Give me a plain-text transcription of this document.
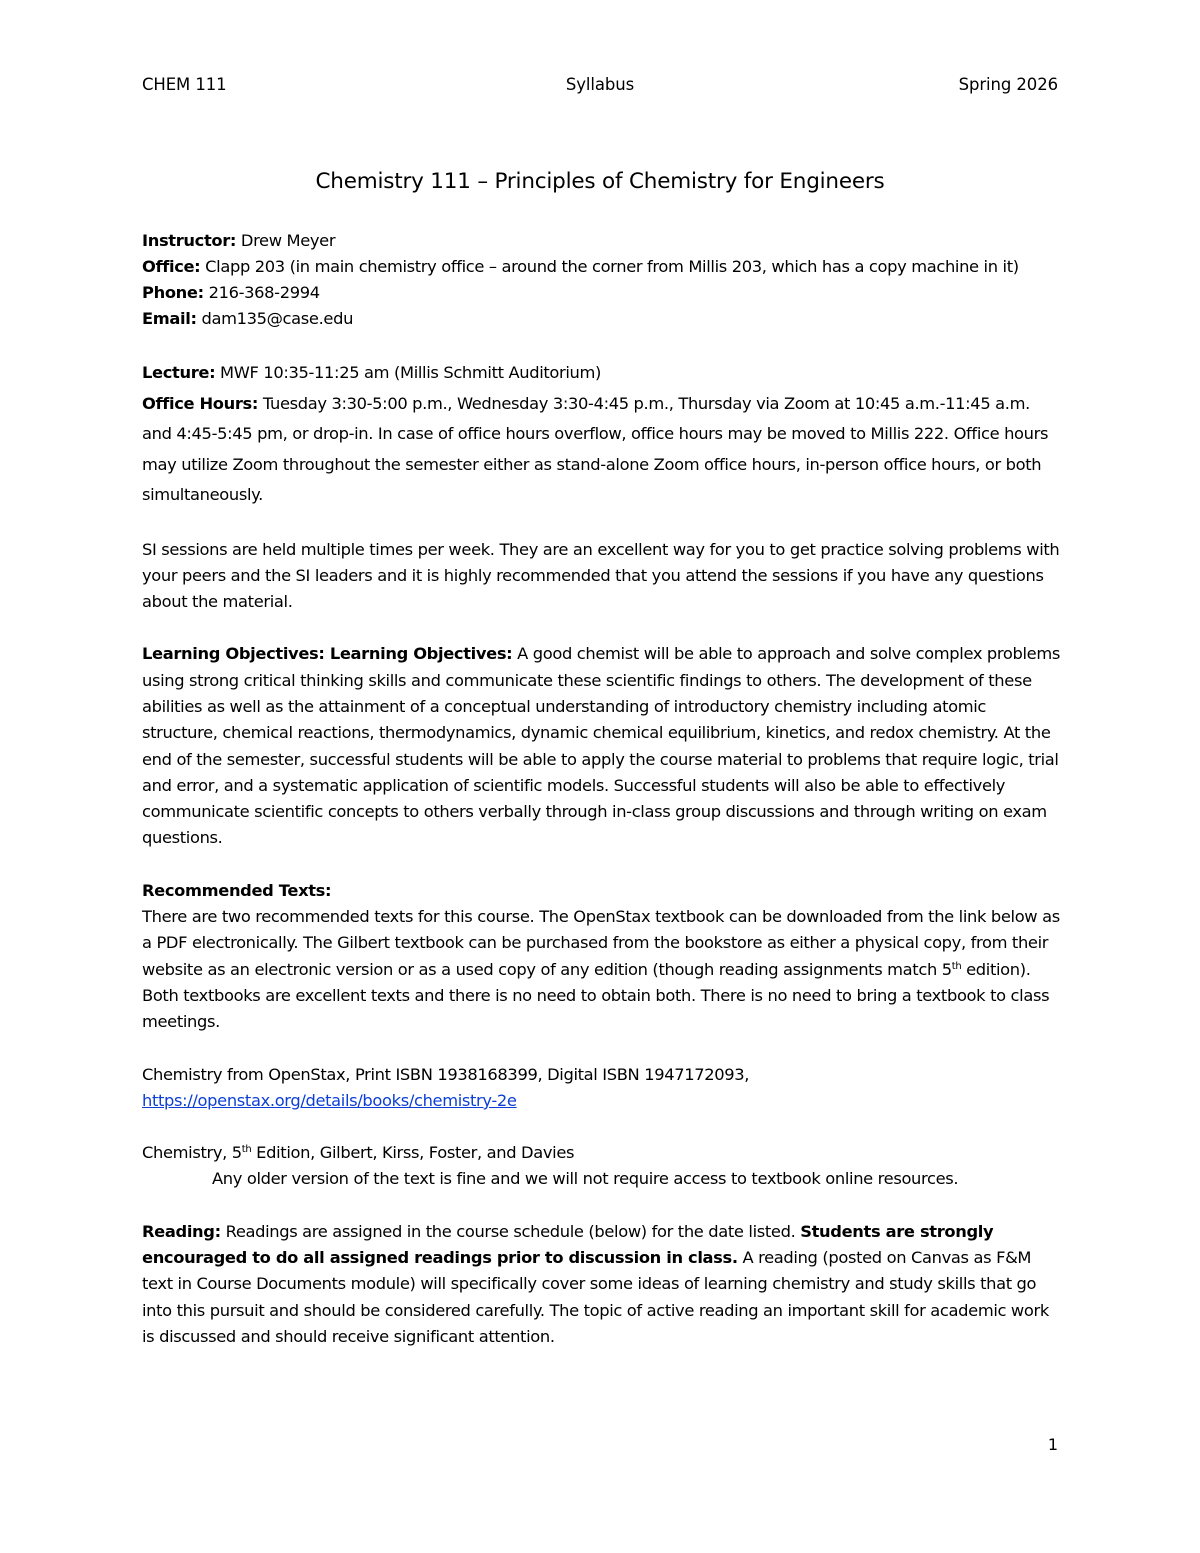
CHEM 111	Syllabus	Spring 2026
Chemistry 111 – Principles of Chemistry for Engineers

Instructor: Drew Meyer

Office: Clapp 203 (in main chemistry office – around the corner from Millis 203, which has a copy machine in it)

Phone: 216-368-2994

Email: dam135@case.edu

Lecture: MWF 10:35-11:25 am (Millis Schmitt Auditorium)

Office Hours: Tuesday 3:30-5:00 p.m., Wednesday 3:30-4:45 p.m., Thursday via Zoom at 10:45 a.m.-11:45 a.m. and 4:45-5:45 pm, or drop-in. In case of office hours overflow, office hours may be moved to Millis 222. Office hours may utilize Zoom throughout the semester either as stand-alone Zoom office hours, in-person office hours, or both simultaneously.

SI sessions are held multiple times per week. They are an excellent way for you to get practice solving problems with your peers and the SI leaders and it is highly recommended that you attend the sessions if you have any questions about the material.

Learning Objectives: Learning Objectives: A good chemist will be able to approach and solve complex problems using strong critical thinking skills and communicate these scientific findings to others. The development of these abilities as well as the attainment of a conceptual understanding of introductory chemistry including atomic structure, chemical reactions, thermodynamics, dynamic chemical equilibrium, kinetics, and redox chemistry. At the end of the semester, successful students will be able to apply the course material to problems that require logic, trial and error, and a systematic application of scientific models. Successful students will also be able to effectively communicate scientific concepts to others verbally through in-class group discussions and through writing on exam questions.

Recommended Texts:

There are two recommended texts for this course. The OpenStax textbook can be downloaded from the link below as a PDF electronically. The Gilbert textbook can be purchased from the bookstore as either a physical copy, from their website as an electronic version or as a used copy of any edition (though reading assignments match 5th edition). Both textbooks are excellent texts and there is no need to obtain both. There is no need to bring a textbook to class meetings.

Chemistry from OpenStax, Print ISBN 1938168399, Digital ISBN 1947172093,

https://openstax.org/details/books/chemistry-2e

Chemistry, 5th Edition, Gilbert, Kirss, Foster, and Davies

Any older version of the text is fine and we will not require access to textbook online resources.

Reading: Readings are assigned in the course schedule (below) for the date listed. Students are strongly encouraged to do all assigned readings prior to discussion in class. A reading (posted on Canvas as F&M text in Course Documents module) will specifically cover some ideas of learning chemistry and study skills that go into this pursuit and should be considered carefully. The topic of active reading an important skill for academic work is discussed and should receive significant attention.

1
